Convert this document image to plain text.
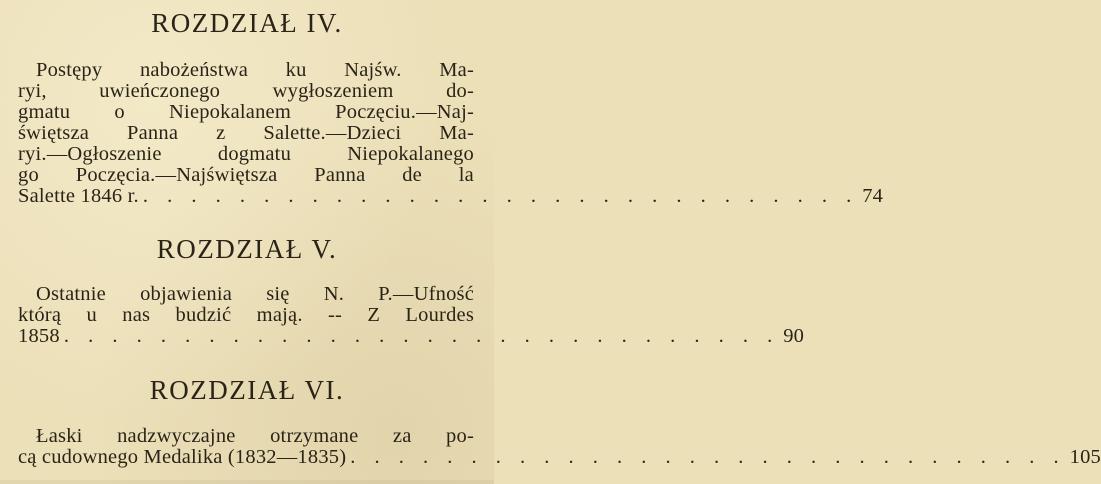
ROZDZIAŁ IV.
Postępy nabożeństwa ku Najśw. Ma-
ryi, uwieńczonego wygłoszeniem do-
gmatu o Niepokalanem Poczęciu.—Naj-
świętsza Panna z Salette.—Dzieci Ma-
ryi.—Ogłoszenie dogmatu Niepokalanego
go Poczęcia.—Najświętsza Panna de la
Salette 1846 r. . . . . . . . . . . . . . . . . . . . . . . . . . . . . . . 74
ROZDZIAŁ V.
Ostatnie objawienia się N. P.—Ufność
którą u nas budzić mają. -- Z Lourdes
1858 . . . . . . . . . . . . . . . . . . . . . . . . . . . . . . 90
ROZDZIAŁ VI.
Łaski nadzwyczajne otrzymane za po-
cą cudownego Medalika (1832—1835) . . . . . . . . . . . . . . . . . . . . . . . . . . . . . . 105
